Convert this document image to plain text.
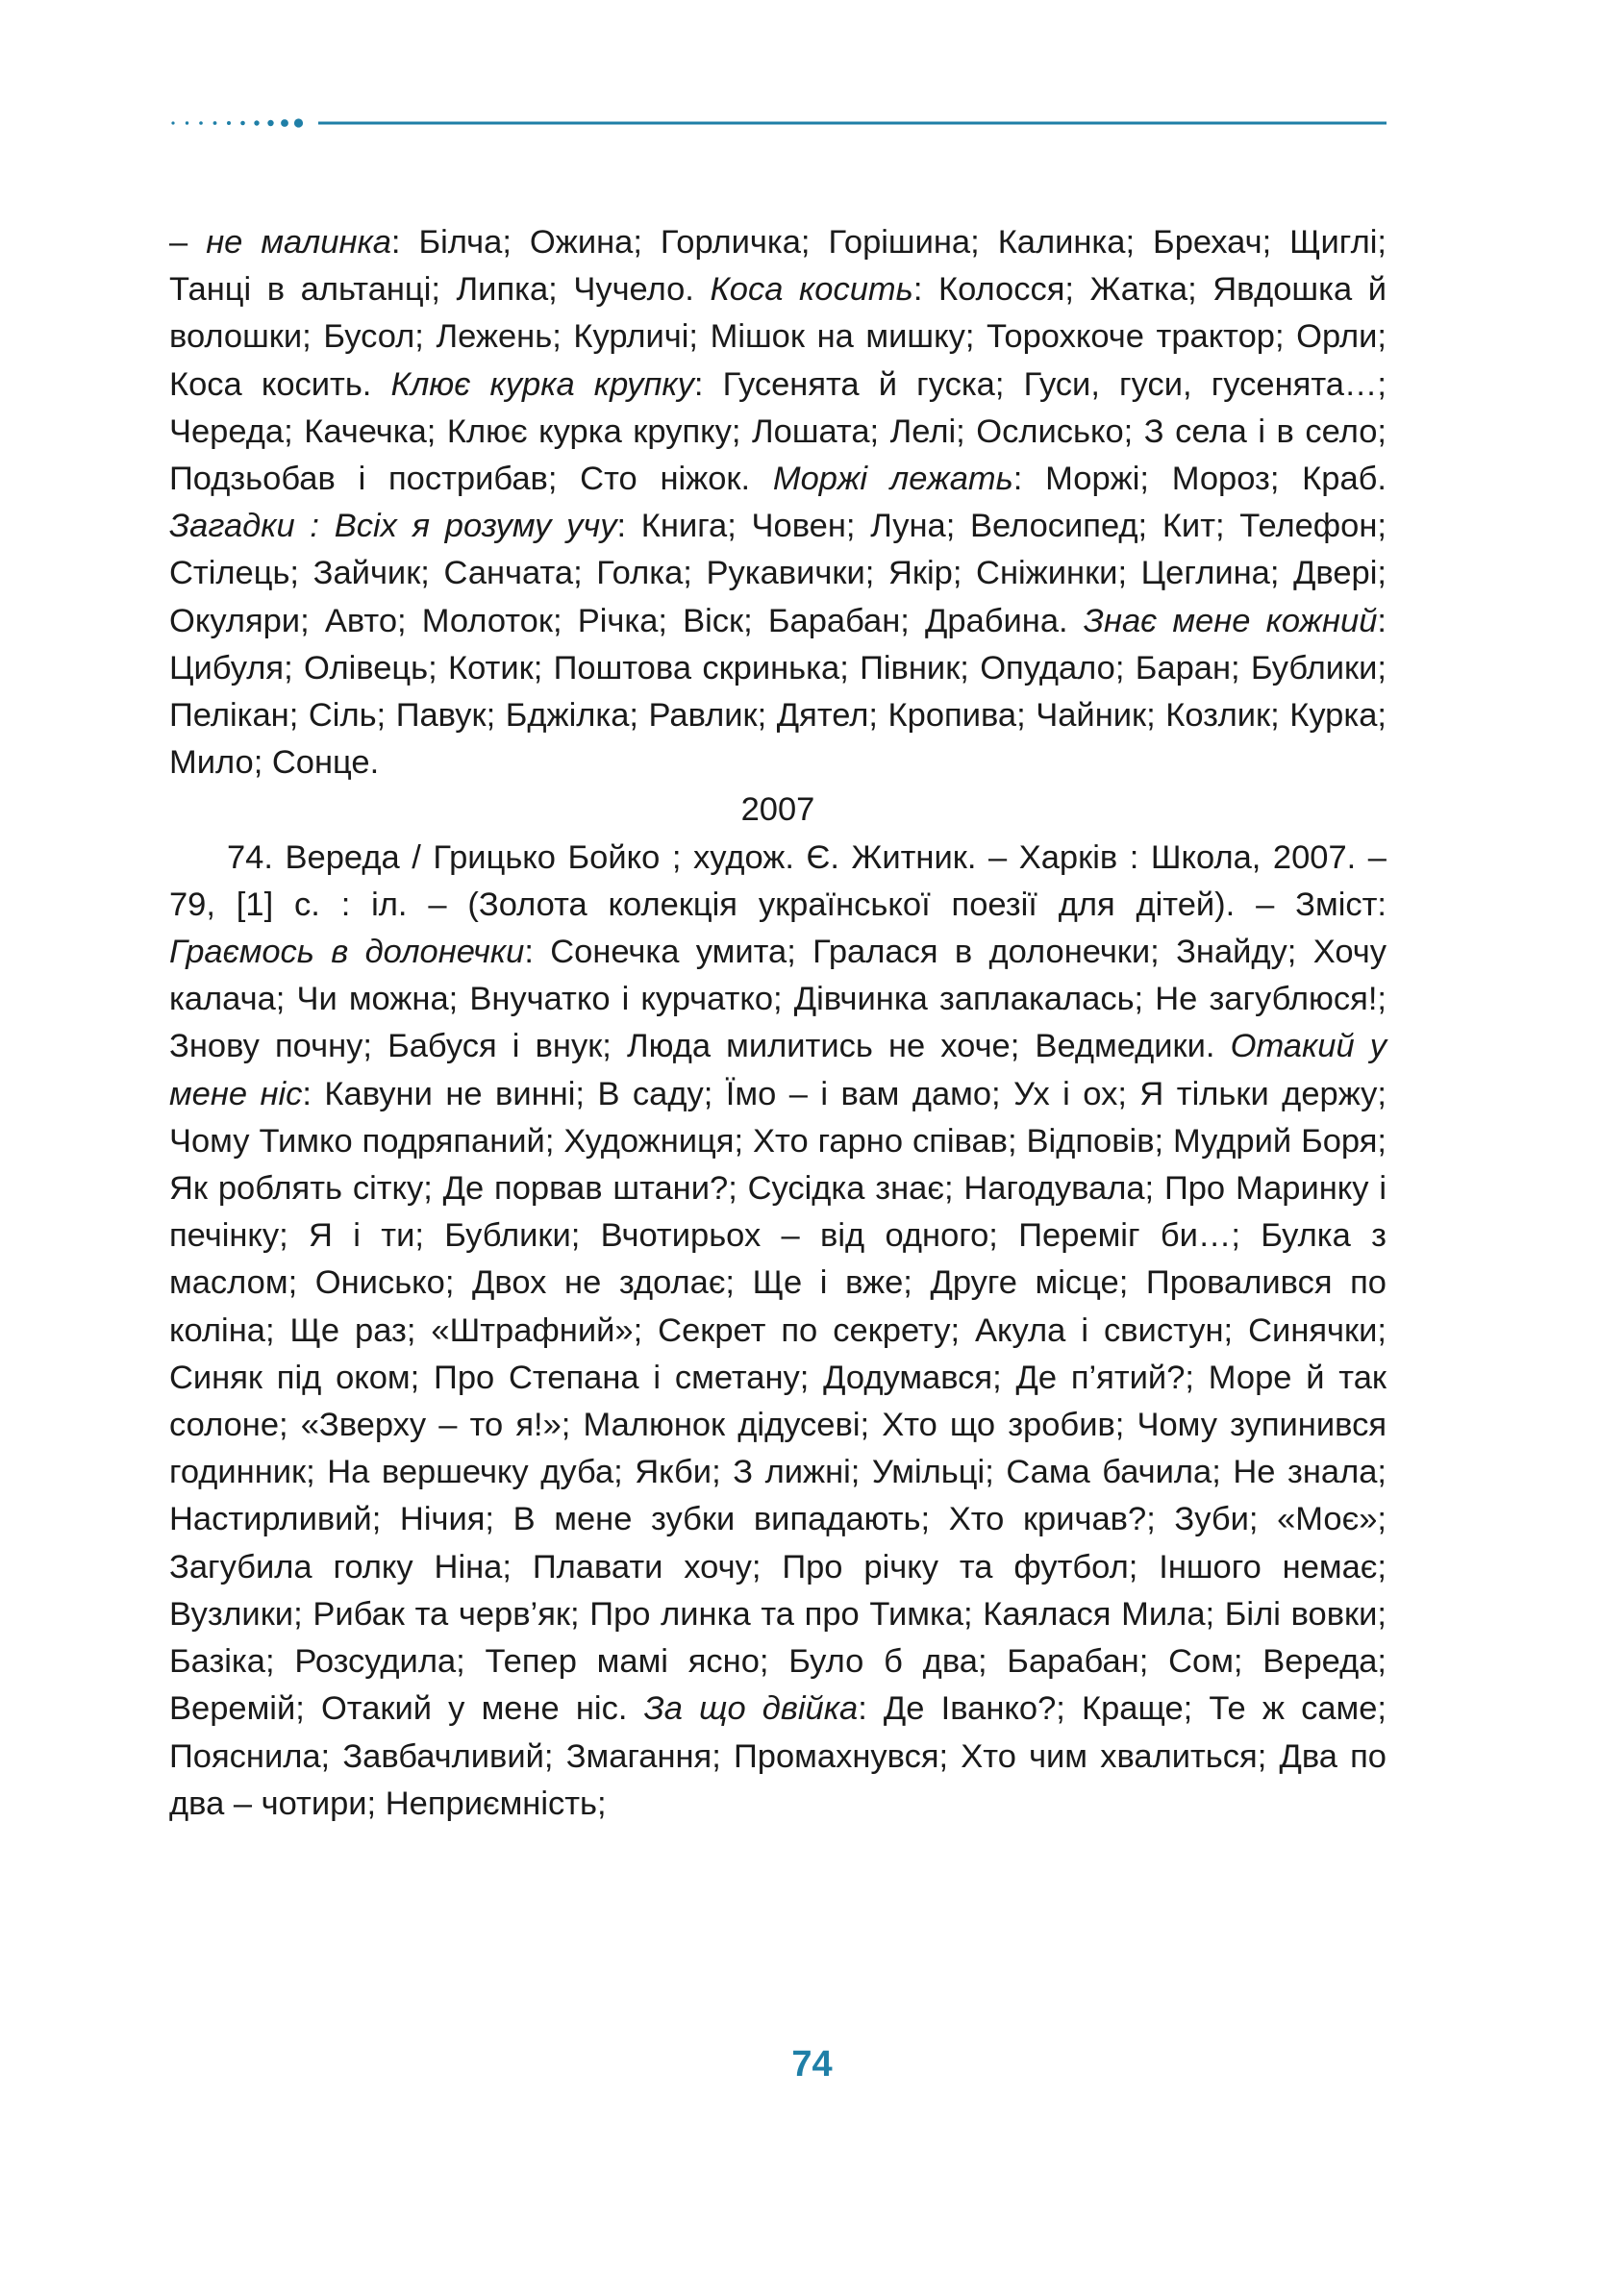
– не малинка: Білча; Ожина; Горличка; Горішина; Калинка; Брехач; Щиглі; Танці в альтанці; Липка; Чучело. Коса косить: Колосся; Жатка; Явдошка й волошки; Бусол; Лежень; Курличі; Мішок на мишку; Торохкоче трактор; Орли; Коса косить. Клює курка крупку: Гусенята й гуска; Гуси, гуси, гусенята…; Череда; Качечка; Клює курка крупку; Лошата; Лелі; Ослисько; З села і в село; Подзьобав і пострибав; Сто ніжок. Моржі лежать: Моржі; Мороз; Краб. Загадки : Всіх я розуму учу: Книга; Човен; Луна; Велосипед; Кит; Телефон; Стілець; Зайчик; Санчата; Голка; Рукавички; Якір; Сніжинки; Цеглина; Двері; Окуляри; Авто; Молоток; Річка; Віск; Барабан; Драбина. Знає мене кожний: Цибуля; Олівець; Котик; Поштова скринька; Півник; Опудало; Баран; Бублики; Пелікан; Сіль; Павук; Бджілка; Равлик; Дятел; Кропива; Чайник; Козлик; Курка; Мило; Сонце.

2007

74. Вереда / Грицько Бойко ; худож. Є. Житник. – Харків : Школа, 2007. – 79, [1] с. : іл. – (Золота колекція української поезії для дітей). – Зміст: Граємось в долонечки: Сонечка умита; Гралася в долонечки; Знайду; Хочу калача; Чи можна; Внучатко і курчатко; Дівчинка заплакалась; Не загублюся!; Знову почну; Бабуся і внук; Люда милитись не хоче; Ведмедики. Отакий у мене ніс: Кавуни не винні; В саду; Їмо – і вам дамо; Ух і ох; Я тільки держу; Чому Тимко подряпаний; Художниця; Хто гарно співав; Відповів; Мудрий Боря; Як роблять сітку; Де порвав штани?; Сусідка знає; Нагодувала; Про Маринку і печінку; Я і ти; Бублики; Вчотирьох – від одного; Переміг би…; Булка з маслом; Онисько; Двох не здолає; Ще і вже; Друге місце; Провалився по коліна; Ще раз; «Штрафний»; Секрет по секрету; Акула і свистун; Синячки; Синяк під оком; Про Степана і сметану; Додумався; Де п’ятий?; Море й так солоне; «Зверху – то я!»; Малюнок дідусеві; Хто що зробив; Чому зупинився годинник; На вершечку дуба; Якби; З лижні; Умільці; Сама бачила; Не знала; Настирливий; Нічия; В мене зубки випадають; Хто кричав?; Зуби; «Моє»; Загубила голку Ніна; Плавати хочу; Про річку та футбол; Іншого немає; Вузлики; Рибак та черв’як; Про линка та про Тимка; Каялася Мила; Білі вовки; Базіка; Розсудила; Тепер мамі ясно; Було б два; Барабан; Сом; Вереда; Веремій; Отакий у мене ніс. За що двійка: Де Іванко?; Краще; Те ж саме; Пояснила; Завбачливий; Змагання; Промахнувся; Хто чим хвалиться; Два по два – чотири; Неприємність;

74
